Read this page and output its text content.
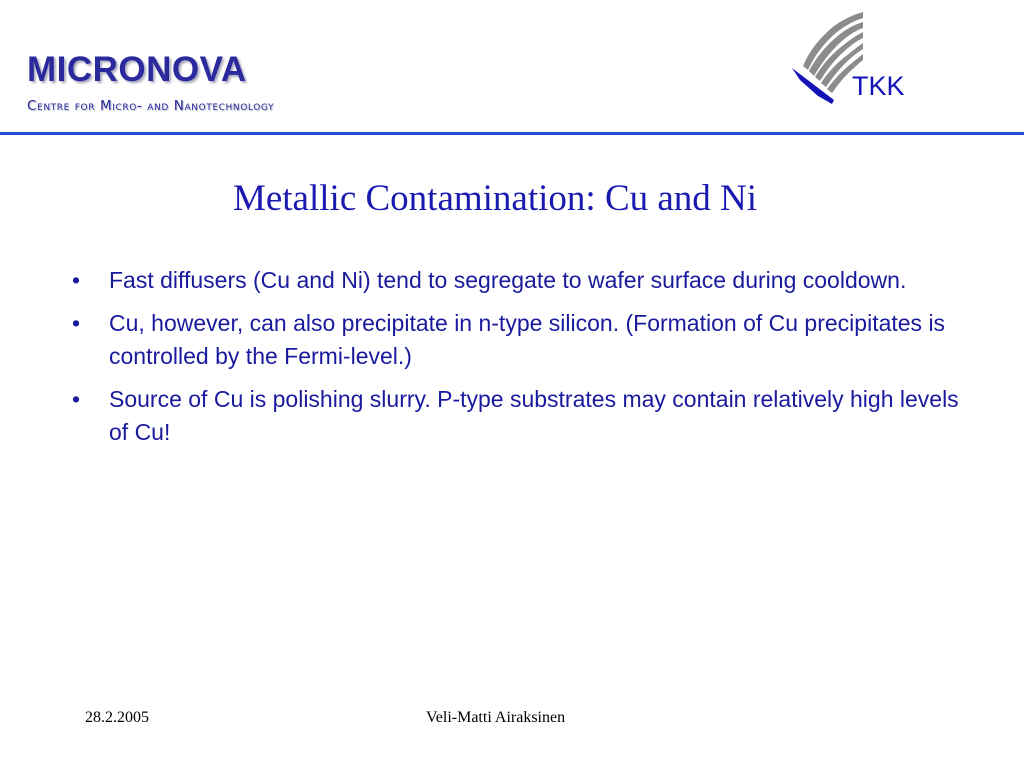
MICRONOVA
Centre for Micro- and Nanotechnology
TKK
Metallic Contamination: Cu and Ni
•	Fast diffusers (Cu and Ni) tend to segregate to wafer surface during cooldown.
•	Cu, however, can also precipitate in n-type silicon. (Formation of Cu precipitates is controlled by the Fermi-level.)
•	Source of Cu is polishing slurry. P-type substrates may contain relatively high levels of Cu!
28.2.2005	Veli-Matti Airaksinen
